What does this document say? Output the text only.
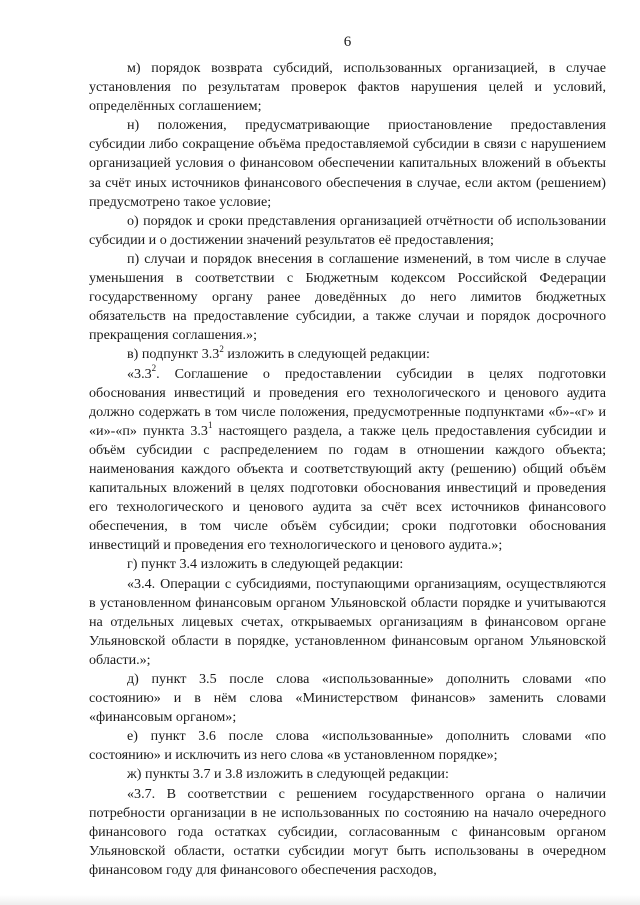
6

м) порядок возврата субсидий, использованных организацией, в случае установления по результатам проверок фактов нарушения целей и условий, определённых соглашением;

н) положения, предусматривающие приостановление предоставления субсидии либо сокращение объёма предоставляемой субсидии в связи с нарушением организацией условия о финансовом обеспечении капитальных вложений в объекты за счёт иных источников финансового обеспечения в случае, если актом (решением) предусмотрено такое условие;

о) порядок и сроки представления организацией отчётности об использовании субсидии и о достижении значений результатов её предоставления;

п) случаи и порядок внесения в соглашение изменений, в том числе в случае уменьшения в соответствии с Бюджетным кодексом Российской Федерации государственному органу ранее доведённых до него лимитов бюджетных обязательств на предоставление субсидии, а также случаи и порядок досрочного прекращения соглашения.»;

в) подпункт $3.3^2$ изложить в следующей редакции:

«$3.3^2$. Соглашение о предоставлении субсидии в целях подготовки обоснования инвестиций и проведения его технологического и ценового аудита должно содержать в том числе положения, предусмотренные подпунктами «б»-«г» и «и»-«п» пункта $3.3^1$ настоящего раздела, а также цель предоставления субсидии и объём субсидии с распределением по годам в отношении каждого объекта; наименования каждого объекта и соответствующий акту (решению) общий объём капитальных вложений в целях подготовки обоснования инвестиций и проведения его технологического и ценового аудита за счёт всех источников финансового обеспечения, в том числе объём субсидии; сроки подготовки обоснования инвестиций и проведения его технологического и ценового аудита.»;

г) пункт 3.4 изложить в следующей редакции:

«3.4. Операции с субсидиями, поступающими организациям, осуществляются в установленном финансовым органом Ульяновской области порядке и учитываются на отдельных лицевых счетах, открываемых организациям в финансовом органе Ульяновской области в порядке, установленном финансовым органом Ульяновской области.»;

д) пункт 3.5 после слова «использованные» дополнить словами «по состоянию» и в нём слова «Министерством финансов» заменить словами «финансовым органом»;

е) пункт 3.6 после слова «использованные» дополнить словами «по состоянию» и исключить из него слова «в установленном порядке»;

ж) пункты 3.7 и 3.8 изложить в следующей редакции:

«3.7. В соответствии с решением государственного органа о наличии потребности организации в не использованных по состоянию на начало очередного финансового года остатках субсидии, согласованным с финансовым органом Ульяновской области, остатки субсидии могут быть использованы в очередном финансовом году для финансового обеспечения расходов,
